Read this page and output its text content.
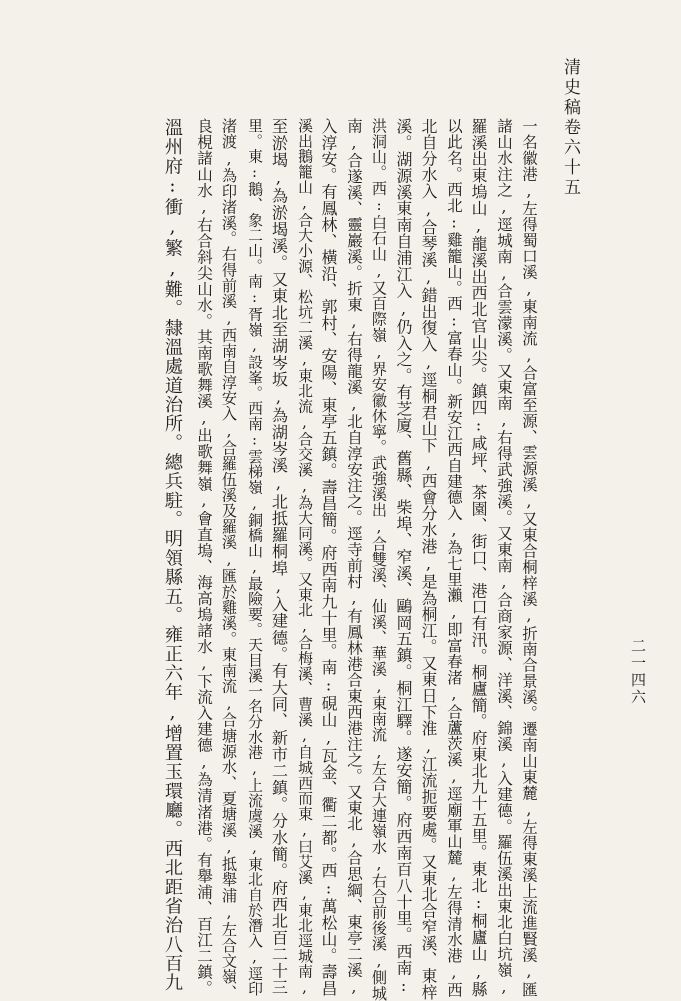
清史稿卷六十五
二一四六
一名徽港,左得蜀口溪,東南流,合富至源、雲源溪,又東合桐梓溪,折南合景溪。遷南山東麓,左得東溪上流進賢溪,匯
諸山水注之,逕城南,合雲濛溪。又東南,右得武強溪。又東南,合商家源、洋溪、錦溪,入建德。羅伍溪出東北白坑嶺,
羅溪出東塢山,龍溪出西北官山尖。鎮四:咸坪、茶園、街口、港口有汛。桐廬簡。府東北九十五里。東北:桐廬山,縣
以此名。西北:雞籠山。西:富春山。新安江西自建德入,為七里瀨,即富春渚,合蘆茨溪,逕廟軍山麓,左得清水港,西
北自分水入,合琴溪,錯出復入,逕桐君山下,西會分水港,是為桐江。又東日下淮,江流扼要處。又東北合窄溪、東梓
溪。湖源溪東南自浦江入,仍入之。有芝廈、舊縣、柴埠、窄溪、鷗岡五鎮。桐江驛。遂安簡。府西南百八十里。西南:
洪洞山。西:白石山,又百際嶺,界安徽休寧。武強溪出,合雙溪、仙溪、華溪,東南流,左合大連嶺水,右合前後溪,側城
南,合遂溪、靈巖溪。折東,右得龍溪,北自淳安注之。逕寺前村,有鳳林港合東西港注之。又東北,合思綱、東亭二溪,
入淳安。有鳳林、橫沿、郭村、安陽、東亭五鎮。壽昌簡。府西南九十里。南:硯山,瓦金、衢二都。西:萬松山。壽昌
溪出鵝籠山,合大小源、松坑二溪,東北流,合交溪,為大同溪。又東北,合梅溪、曹溪,自城西而東,曰艾溪,東北逕城南,
至淤堨,為淤堨溪。又東北至湖岑坂,為湖岑溪,北抵羅桐埠,入建德。有大同、新市二鎮。分水簡。府西北百二十三
里。東:鵝、象二山。南:胥嶺,設峯。西南:雲梯嶺,銅橋山,最險要。天目溪一名分水港,上流虞溪,東北自於潛入,逕印
渚渡,為印渚溪。右得前溪,西南自淳安入,合羅伍溪及羅溪,匯於雞溪。東南流,合塘源水、夏塘溪,抵舉浦,左合文嶺、
良梘諸山水,右合斜尖山水。其南歌舞溪,出歌舞嶺,會直塢、海高塢諸水,下流入建德,為清渚港。有舉浦、百江二鎮。
溫州府:衝,繁,難。隸溫處道治所。總兵駐。明領縣五。雍正六年,增置玉環廳。西北距省治八百九
